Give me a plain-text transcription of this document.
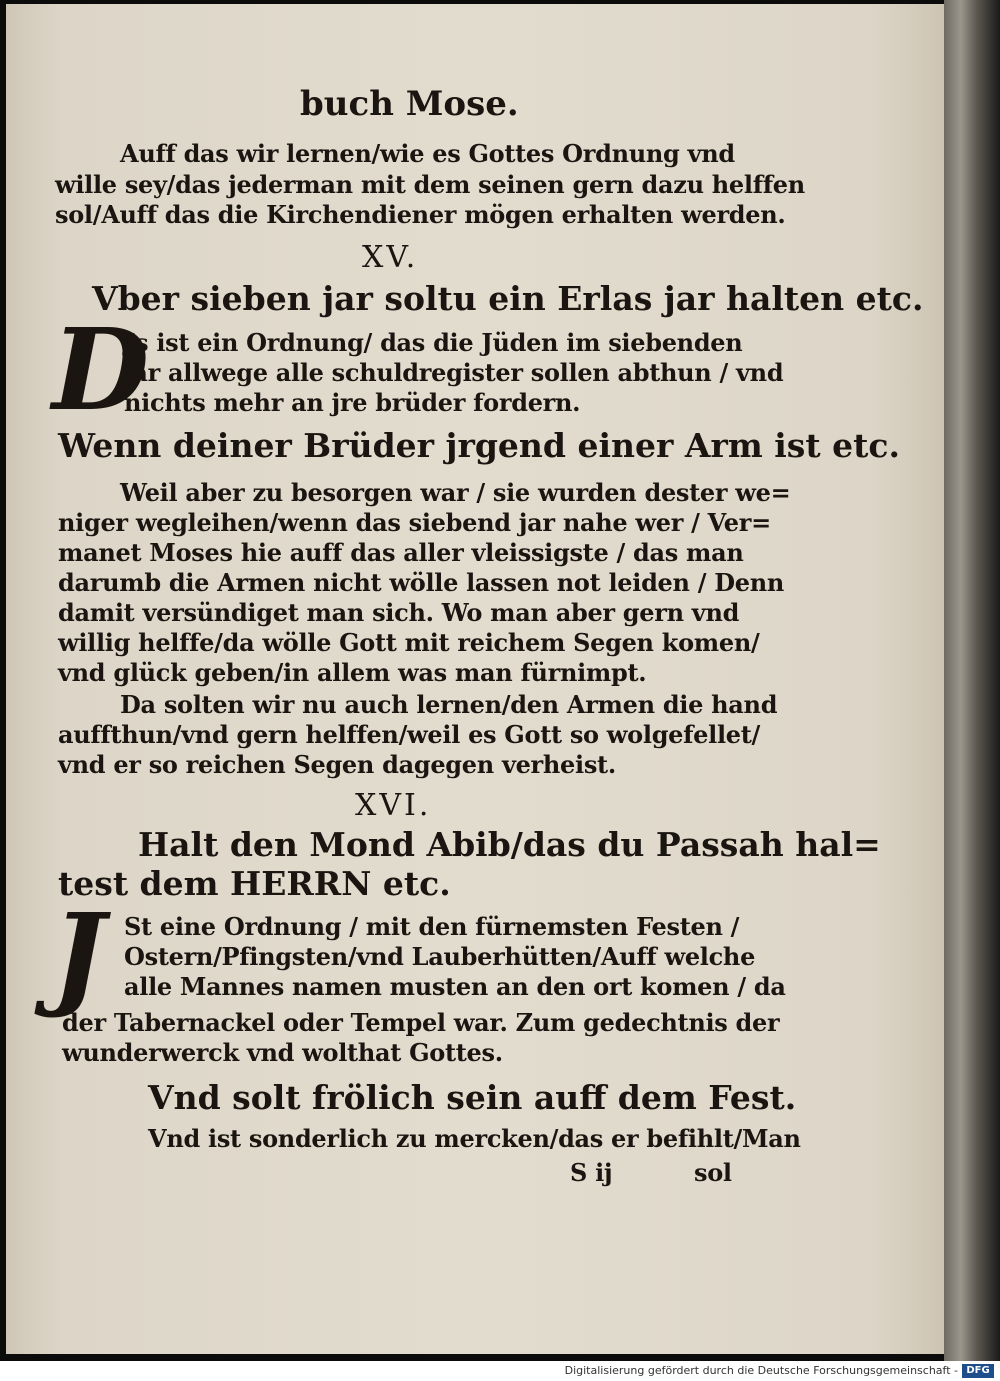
buch Mose.
Auff das wir lernen/wie es Gottes Ordnung vnd
wille sey/das jederman mit dem seinen gern dazu helffen
sol/Auff das die Kirchendiener mögen erhalten werden.
XV.
Vber sieben jar soltu ein Erlas jar halten etc.
D
Js ist ein Ordnung/ das die Jüden im siebenden
jar allwege alle schuldregister sollen abthun / vnd
nichts mehr an jre brüder fordern.
Wenn deiner Brüder jrgend einer Arm ist etc.
Weil aber zu besorgen war / sie wurden dester we=
niger wegleihen/wenn das siebend jar nahe wer / Ver=
manet Moses hie auff das aller vleissigste / das man
darumb die Armen nicht wölle lassen not leiden / Denn
damit versündiget man sich. Wo man aber gern vnd
willig helffe/da wölle Gott mit reichem Segen komen/
vnd glück geben/in allem was man fürnimpt.
Da solten wir nu auch lernen/den Armen die hand
auffthun/vnd gern helffen/weil es Gott so wolgefellet/
vnd er so reichen Segen dagegen verheist.
XVI.
Halt den Mond Abib/das du Passah hal=
test dem HERRN etc.
J St eine Ordnung / mit den fürnemsten Festen /
Ostern/Pfingsten/vnd Lauberhütten/Auff welche
alle Mannes namen musten an den ort komen / da
der Tabernackel oder Tempel war. Zum gedechtnis der
wunderwerck vnd wolthat Gottes.
Vnd solt frölich sein auff dem Fest.
Vnd ist sonderlich zu mercken/das er befihlt/Man
S ij	sol
Digitalisierung gefördert durch die Deutsche Forschungsgemeinschaft - DFG
